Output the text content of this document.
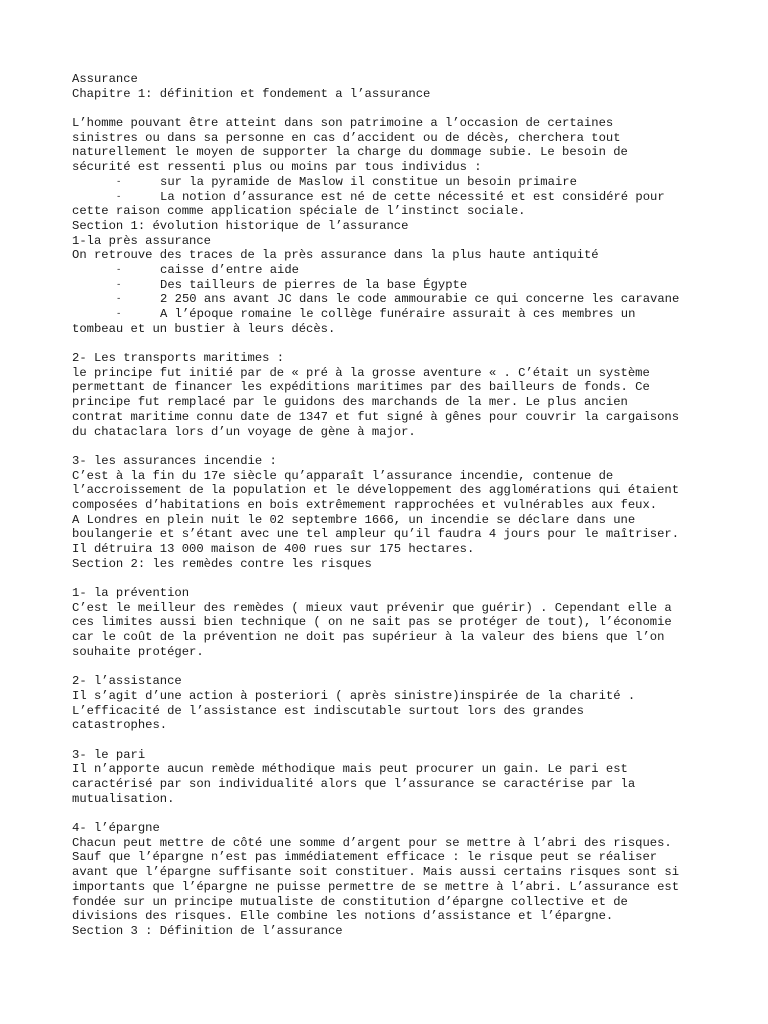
Assurance
Chapitre 1: définition et fondement a l’assurance
L’homme pouvant être atteint dans son patrimoine a l’occasion de certaines
sinistres ou dans sa personne en cas d’accident ou de décès, cherchera tout
naturellement le moyen de supporter la charge du dommage subie. Le besoin de
sécurité est ressenti plus ou moins par tous individus :
-	sur la pyramide de Maslow il constitue un besoin primaire
-	La notion d’assurance est né de cette nécessité et est considéré pour
cette raison comme application spéciale de l’instinct sociale.
Section 1: évolution historique de l’assurance
1-la près assurance
On retrouve des traces de la près assurance dans la plus haute antiquité
-	caisse d’entre aide
-	Des tailleurs de pierres de la base Égypte
-	2 250 ans avant JC dans le code ammourabie ce qui concerne les caravane
-	A l’époque romaine le collège funéraire assurait à ces membres un
tombeau et un bustier à leurs décès.
2- Les transports maritimes :
le principe fut initié par de « pré à la grosse aventure « . C’était un système
permettant de financer les expéditions maritimes par des bailleurs de fonds. Ce
principe fut remplacé par le guidons des marchands de la mer. Le plus ancien
contrat maritime connu date de 1347 et fut signé à gênes pour couvrir la cargaisons
du chataclara lors d’un voyage de gène à major.
3- les assurances incendie :
C’est à la fin du 17e siècle qu’apparaît l’assurance incendie, contenue de
l’accroissement de la population et le développement des agglomérations qui étaient
composées d’habitations en bois extrêmement rapprochées et vulnérables aux feux.
A Londres en plein nuit le 02 septembre 1666, un incendie se déclare dans une
boulangerie et s’étant avec une tel ampleur qu’il faudra 4 jours pour le maîtriser.
Il détruira 13 000 maison de 400 rues sur 175 hectares.
Section 2: les remèdes contre les risques
1- la prévention
C’est le meilleur des remèdes ( mieux vaut prévenir que guérir) . Cependant elle a
ces limites aussi bien technique ( on ne sait pas se protéger de tout), l’économie
car le coût de la prévention ne doit pas supérieur à la valeur des biens que l’on
souhaite protéger.
2- l’assistance
Il s’agit d’une action à posteriori ( après sinistre)inspirée de la charité .
L’efficacité de l’assistance est indiscutable surtout lors des grandes
catastrophes.
3- le pari
Il n’apporte aucun remède méthodique mais peut procurer un gain. Le pari est
caractérisé par son individualité alors que l’assurance se caractérise par la
mutualisation.
4- l’épargne
Chacun peut mettre de côté une somme d’argent pour se mettre à l’abri des risques.
Sauf que l’épargne n’est pas immédiatement efficace : le risque peut se réaliser
avant que l’épargne suffisante soit constituer. Mais aussi certains risques sont si
importants que l’épargne ne puisse permettre de se mettre à l’abri. L’assurance est
fondée sur un principe mutualiste de constitution d’épargne collective et de
divisions des risques. Elle combine les notions d’assistance et l’épargne.
Section 3 : Définition de l’assurance
